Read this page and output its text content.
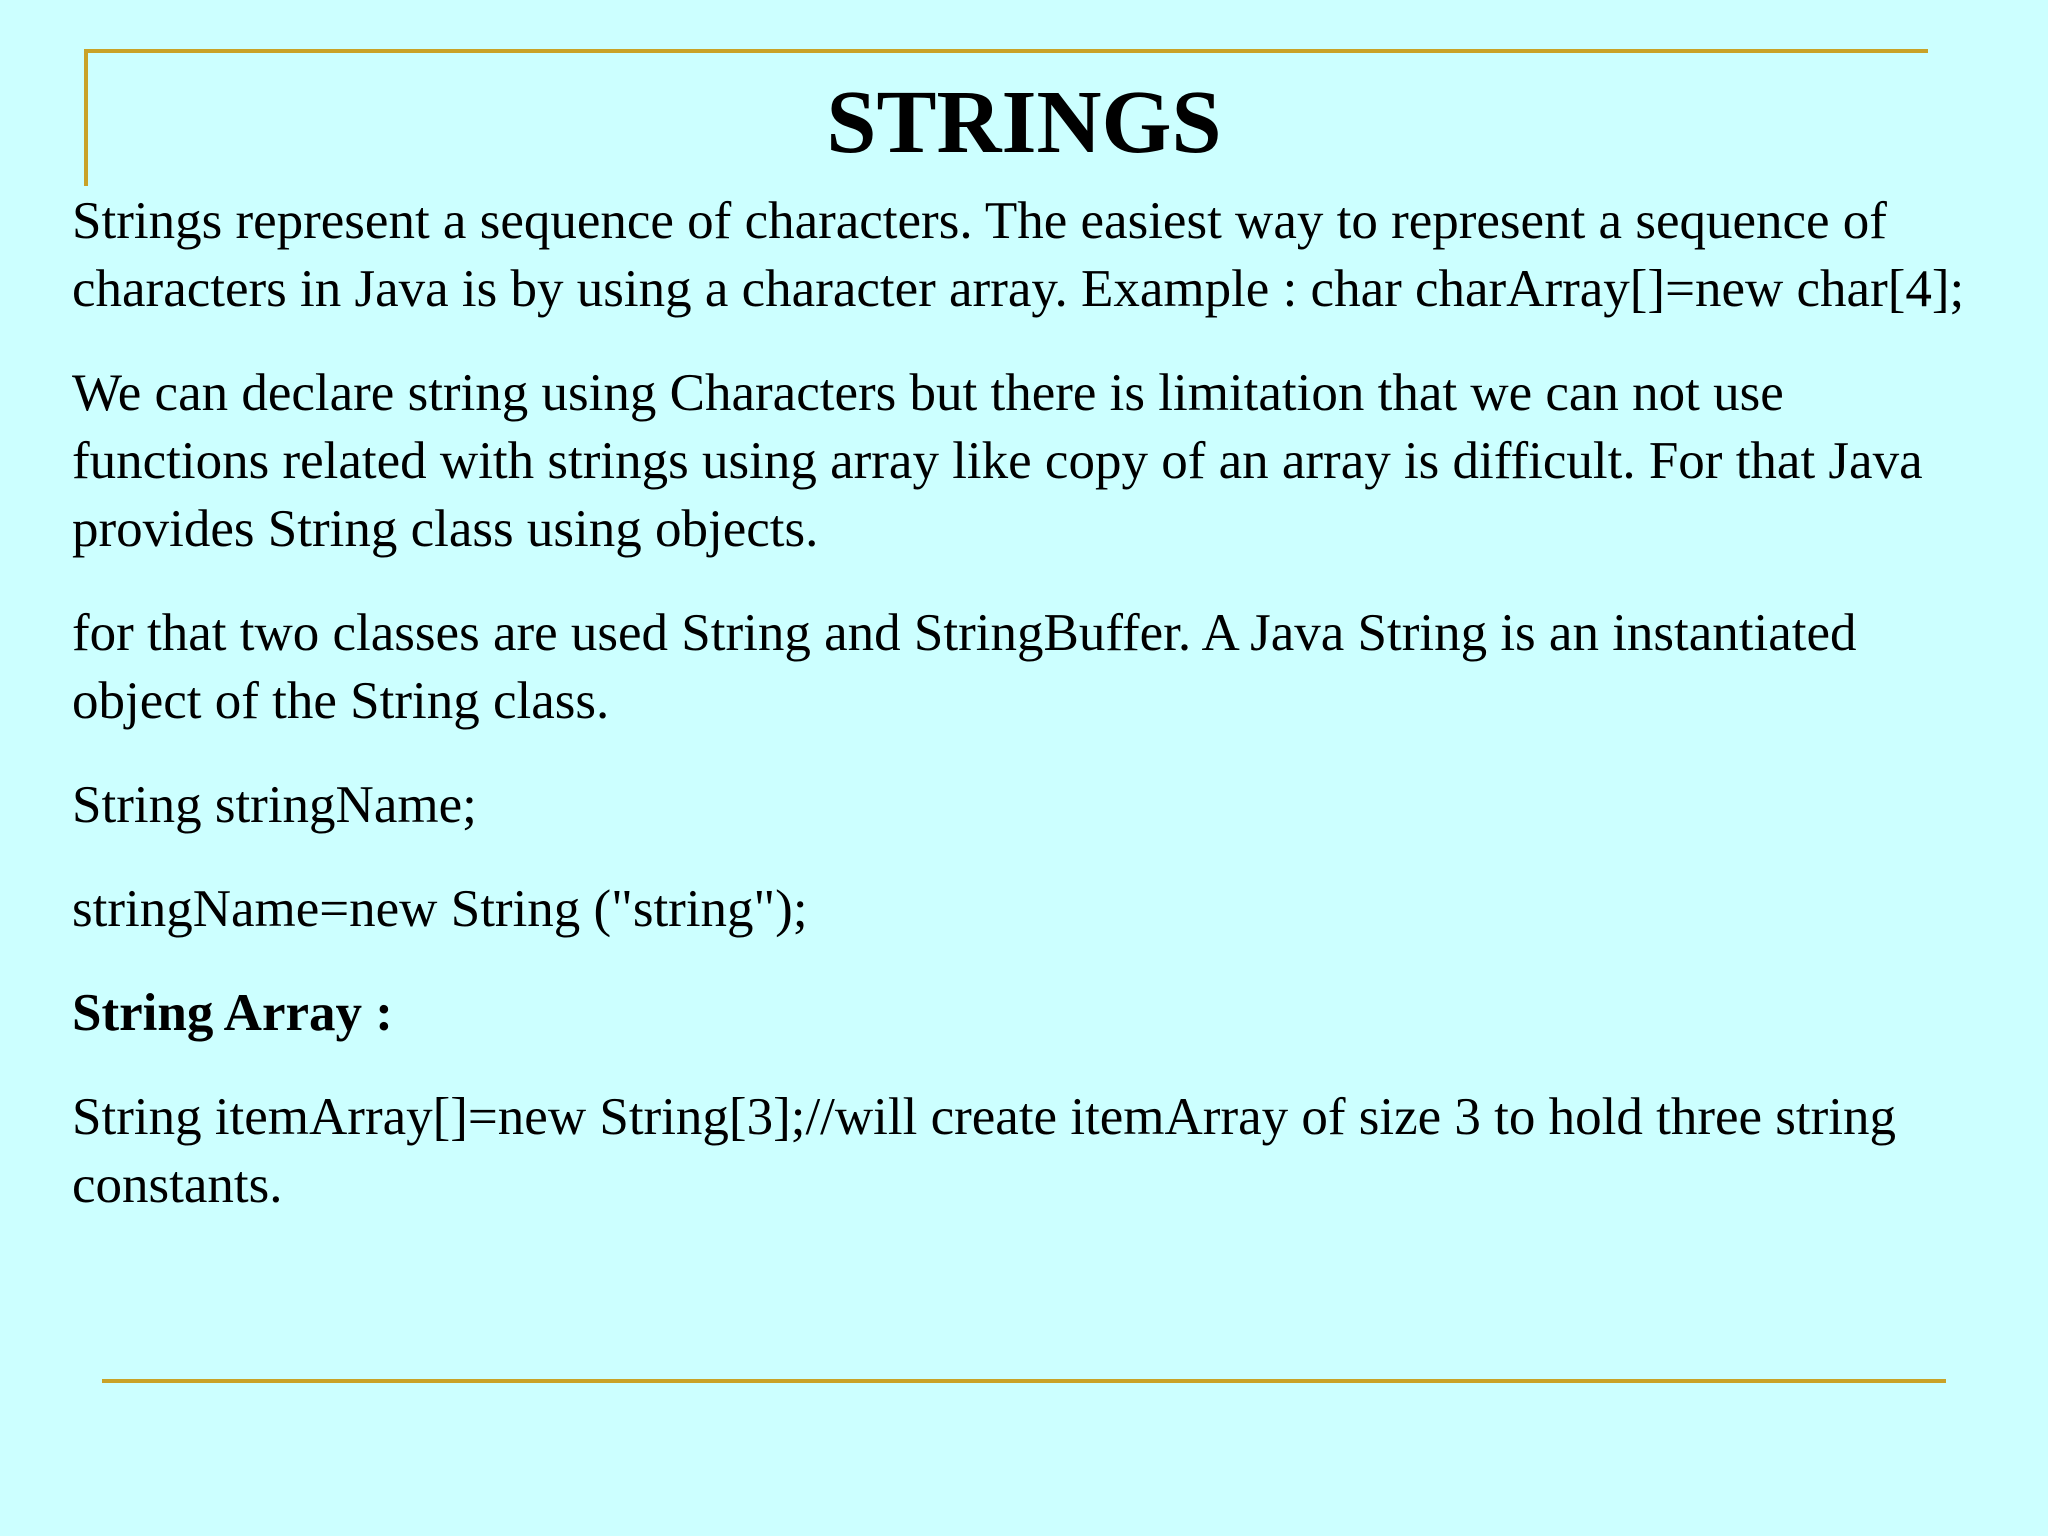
STRINGS

Strings represent a sequence of characters. The easiest way to represent a sequence of characters in Java is by using a character array. Example : char charArray[]=new char[4];

We can declare string using Characters but there is limitation that we can not use functions related with strings using array like copy of an array is difficult. For that Java provides String class using objects.

for that two classes are used String and StringBuffer. A Java String is an instantiated object of the String class.

String stringName;

stringName=new String ("string");

String Array :

String itemArray[]=new String[3];//will create itemArray of size 3 to hold three string constants.
